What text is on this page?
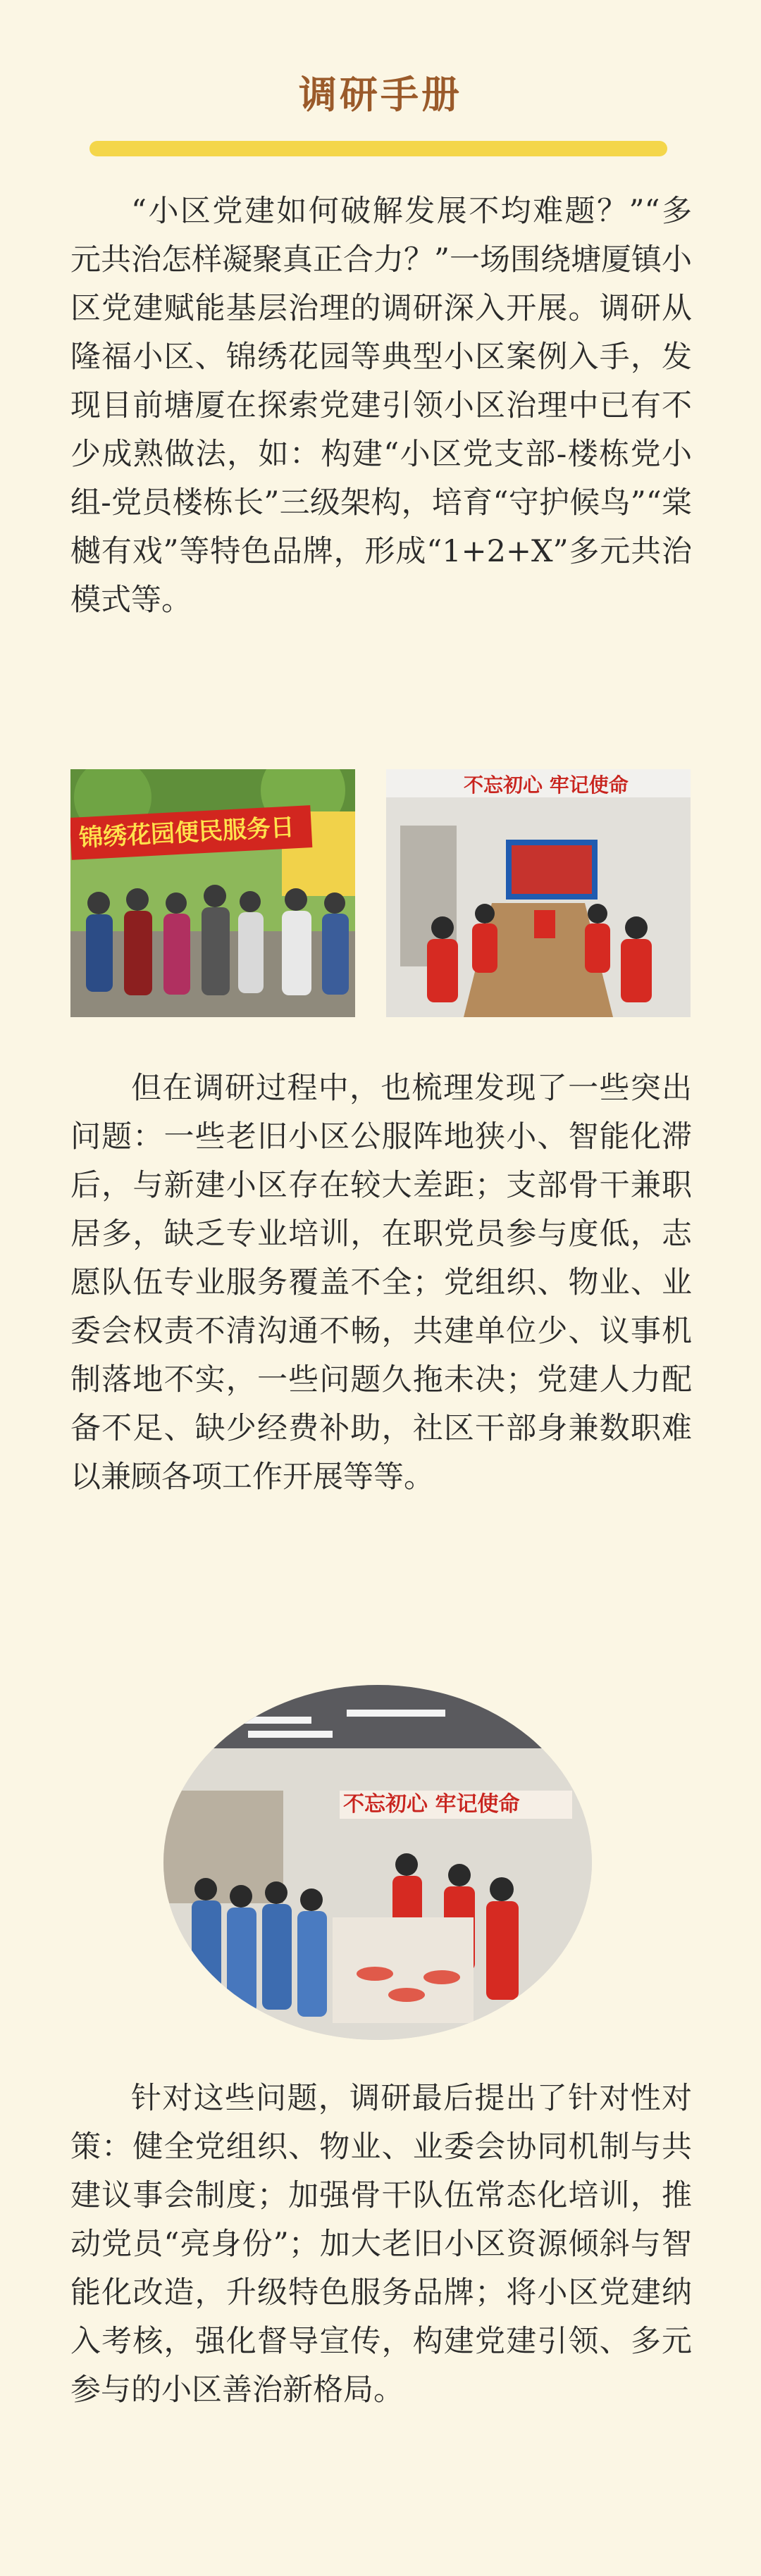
调研手册

“小区党建如何破解发展不均难题？”“多元共治怎样凝聚真正合力？”一场围绕塘厦镇小区党建赋能基层治理的调研深入开展。调研从隆福小区、锦绣花园等典型小区案例入手，发现目前塘厦在探索党建引领小区治理中已有不少成熟做法，如：构建“小区党支部-楼栋党小组-党员楼栋长”三级架构，培育“守护候鸟”“棠樾有戏”等特色品牌，形成“1+2+X”多元共治模式等。

锦绣花园便民服务日
不忘初心 牢记使命

但在调研过程中，也梳理发现了一些突出问题：一些老旧小区公服阵地狭小、智能化滞后，与新建小区存在较大差距；支部骨干兼职居多，缺乏专业培训，在职党员参与度低，志愿队伍专业服务覆盖不全；党组织、物业、业委会权责不清沟通不畅，共建单位少、议事机制落地不实，一些问题久拖未决；党建人力配备不足、缺少经费补助，社区干部身兼数职难以兼顾各项工作开展等等。

不忘初心 牢记使命

针对这些问题，调研最后提出了针对性对策：健全党组织、物业、业委会协同机制与共建议事会制度；加强骨干队伍常态化培训，推动党员“亮身份”；加大老旧小区资源倾斜与智能化改造，升级特色服务品牌；将小区党建纳入考核，强化督导宣传，构建党建引领、多元参与的小区善治新格局。
